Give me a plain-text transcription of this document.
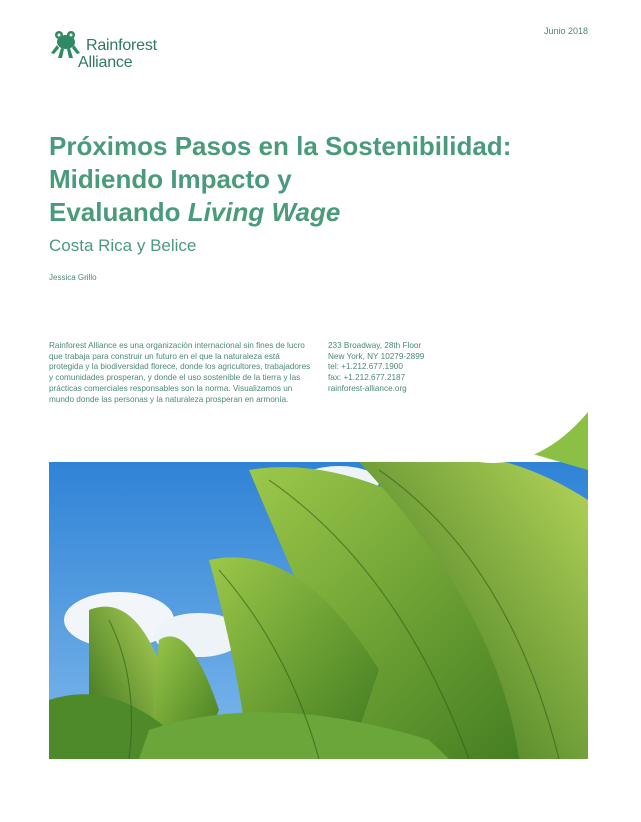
Junio 2018
Rainforest
Alliance
Próximos Pasos en la Sostenibilidad:
Midiendo Impacto y
Evaluando Living Wage
Costa Rica y Belice
Jessica Grillo

Rainforest Alliance es una organización internacional sin fines de lucro que trabaja para construir un futuro en el que la naturaleza está protegida y la biodiversidad florece, donde los agricultores, trabajadores y comunidades prosperan, y donde el uso sostenible de la tierra y las prácticas comerciales responsables son la norma. Visualizamos un mundo donde las personas y la naturaleza prosperan en armonía.

233 Broadway, 28th Floor
New York, NY 10279-2899
tel: +1.212.677.1900
fax: +1.212.677.2187
rainforest-alliance.org
